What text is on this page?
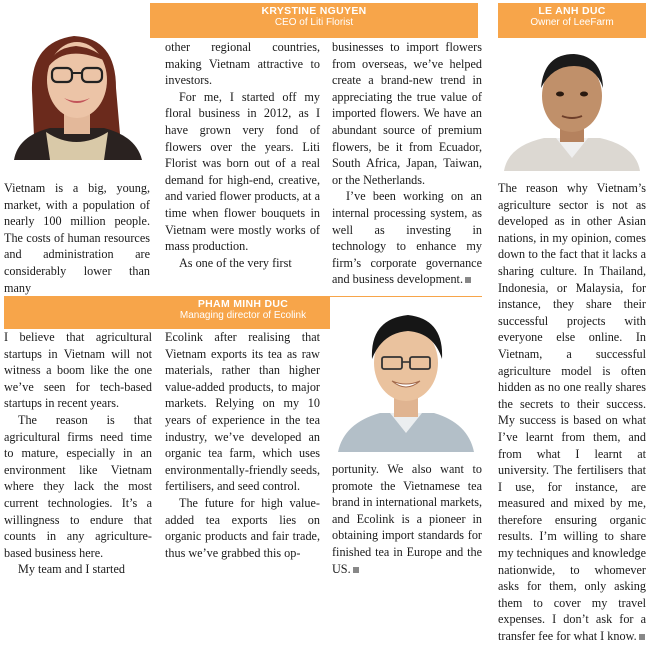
KRYSTINE NGUYEN
CEO of Liti Florist

Vietnam is a big, young, market, with a population of nearly 100 million people. The costs of human resources and administration are considerably lower than many

other regional countries, making Vietnam attractive to investors.

For me, I started off my floral business in 2012, as I have grown very fond of flowers over the years. Liti Florist was born out of a real demand for high-end, creative, and varied flower products, at a time when flower bouquets in Vietnam were mostly works of mass production.

As one of the very first

businesses to import flowers from overseas, we’ve helped create a brand-new trend in appreciating the true value of imported flowers. We have an abundant source of premium flowers, be it from Ecuador, South Africa, Japan, Taiwan, or the Netherlands.

I’ve been working on an internal processing system, as well as investing in technology to enhance my firm’s corporate governance and business development.

LE ANH DUC
Owner of LeeFarm

The reason why Vietnam’s agriculture sector is not as developed as in other Asian nations, in my opinion, comes down to the fact that it lacks a sharing culture. In Thailand, Indonesia, or Malaysia, for instance, they share their successful projects with everyone else online. In Vietnam, a successful agriculture model is often hidden as no one really shares the secrets to their success. My success is based on what I’ve learnt from them, and from what I learnt at university. The fertilisers that I use, for instance, are measured and mixed by me, therefore ensuring organic results. I’m willing to share my techniques and knowledge nationwide, to whomever asks for them, only asking them to cover my travel expenses. I don’t ask for a transfer fee for what I know.

PHAM MINH DUC
Managing director of Ecolink

I believe that agricultural startups in Vietnam will not witness a boom like the one we’ve seen for tech-based startups in recent years.

The reason is that agricultural firms need time to mature, especially in an environment like Vietnam where they lack the most current technologies. It’s a willingness to endure that counts in any agriculture-based business here.

My team and I started

Ecolink after realising that Vietnam exports its tea as raw materials, rather than higher value-added products, to major markets. Relying on my 10 years of experience in the tea industry, we’ve developed an organic tea farm, which uses environmentally-friendly seeds, fertilisers, and seed control.

The future for high value-added tea exports lies on organic products and fair trade, thus we’ve grabbed this op-

portunity. We also want to promote the Vietnamese tea brand in international markets, and Ecolink is a pioneer in obtaining import standards for finished tea in Europe and the US.
